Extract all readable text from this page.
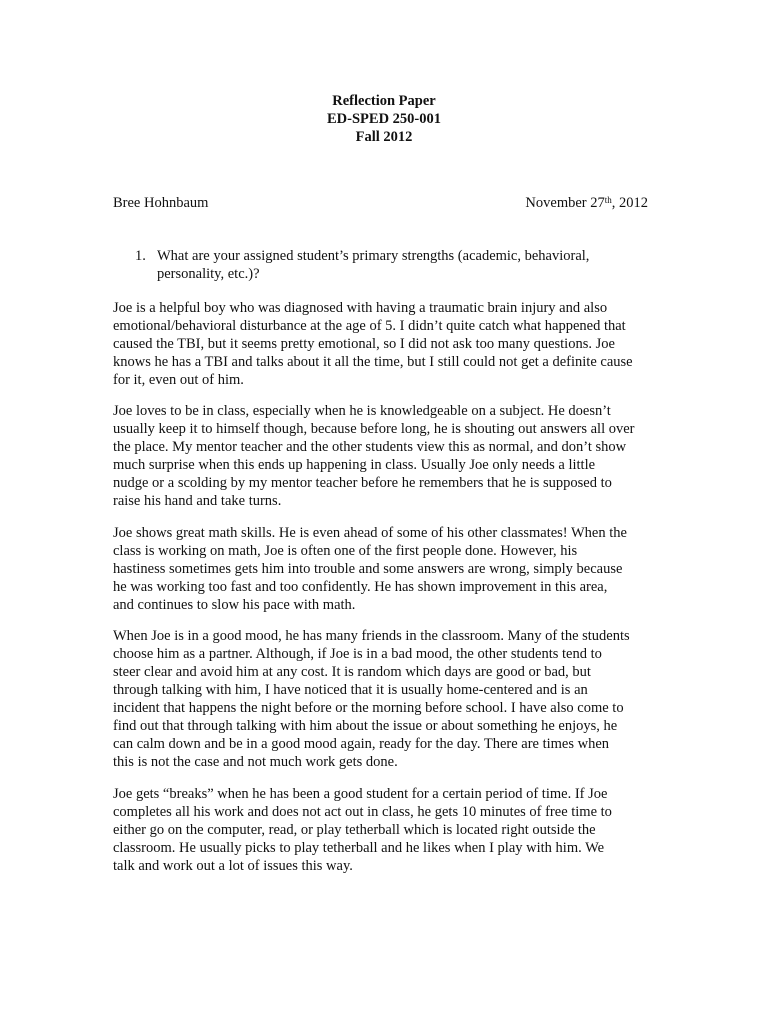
Reflection Paper
ED-SPED 250-001
Fall 2012
Bree Hohnbaum	November 27th, 2012
1. What are your assigned student’s primary strengths (academic, behavioral,
personality, etc.)?
Joe is a helpful boy who was diagnosed with having a traumatic brain injury and also
emotional/behavioral disturbance at the age of 5. I didn’t quite catch what happened that
caused the TBI, but it seems pretty emotional, so I did not ask too many questions. Joe
knows he has a TBI and talks about it all the time, but I still could not get a definite cause
for it, even out of him.
Joe loves to be in class, especially when he is knowledgeable on a subject. He doesn’t
usually keep it to himself though, because before long, he is shouting out answers all over
the place. My mentor teacher and the other students view this as normal, and don’t show
much surprise when this ends up happening in class. Usually Joe only needs a little
nudge or a scolding by my mentor teacher before he remembers that he is supposed to
raise his hand and take turns.
Joe shows great math skills. He is even ahead of some of his other classmates! When the
class is working on math, Joe is often one of the first people done. However, his
hastiness sometimes gets him into trouble and some answers are wrong, simply because
he was working too fast and too confidently. He has shown improvement in this area,
and continues to slow his pace with math.
When Joe is in a good mood, he has many friends in the classroom. Many of the students
choose him as a partner. Although, if Joe is in a bad mood, the other students tend to
steer clear and avoid him at any cost. It is random which days are good or bad, but
through talking with him, I have noticed that it is usually home-centered and is an
incident that happens the night before or the morning before school. I have also come to
find out that through talking with him about the issue or about something he enjoys, he
can calm down and be in a good mood again, ready for the day. There are times when
this is not the case and not much work gets done.
Joe gets “breaks” when he has been a good student for a certain period of time. If Joe
completes all his work and does not act out in class, he gets 10 minutes of free time to
either go on the computer, read, or play tetherball which is located right outside the
classroom. He usually picks to play tetherball and he likes when I play with him. We
talk and work out a lot of issues this way.
